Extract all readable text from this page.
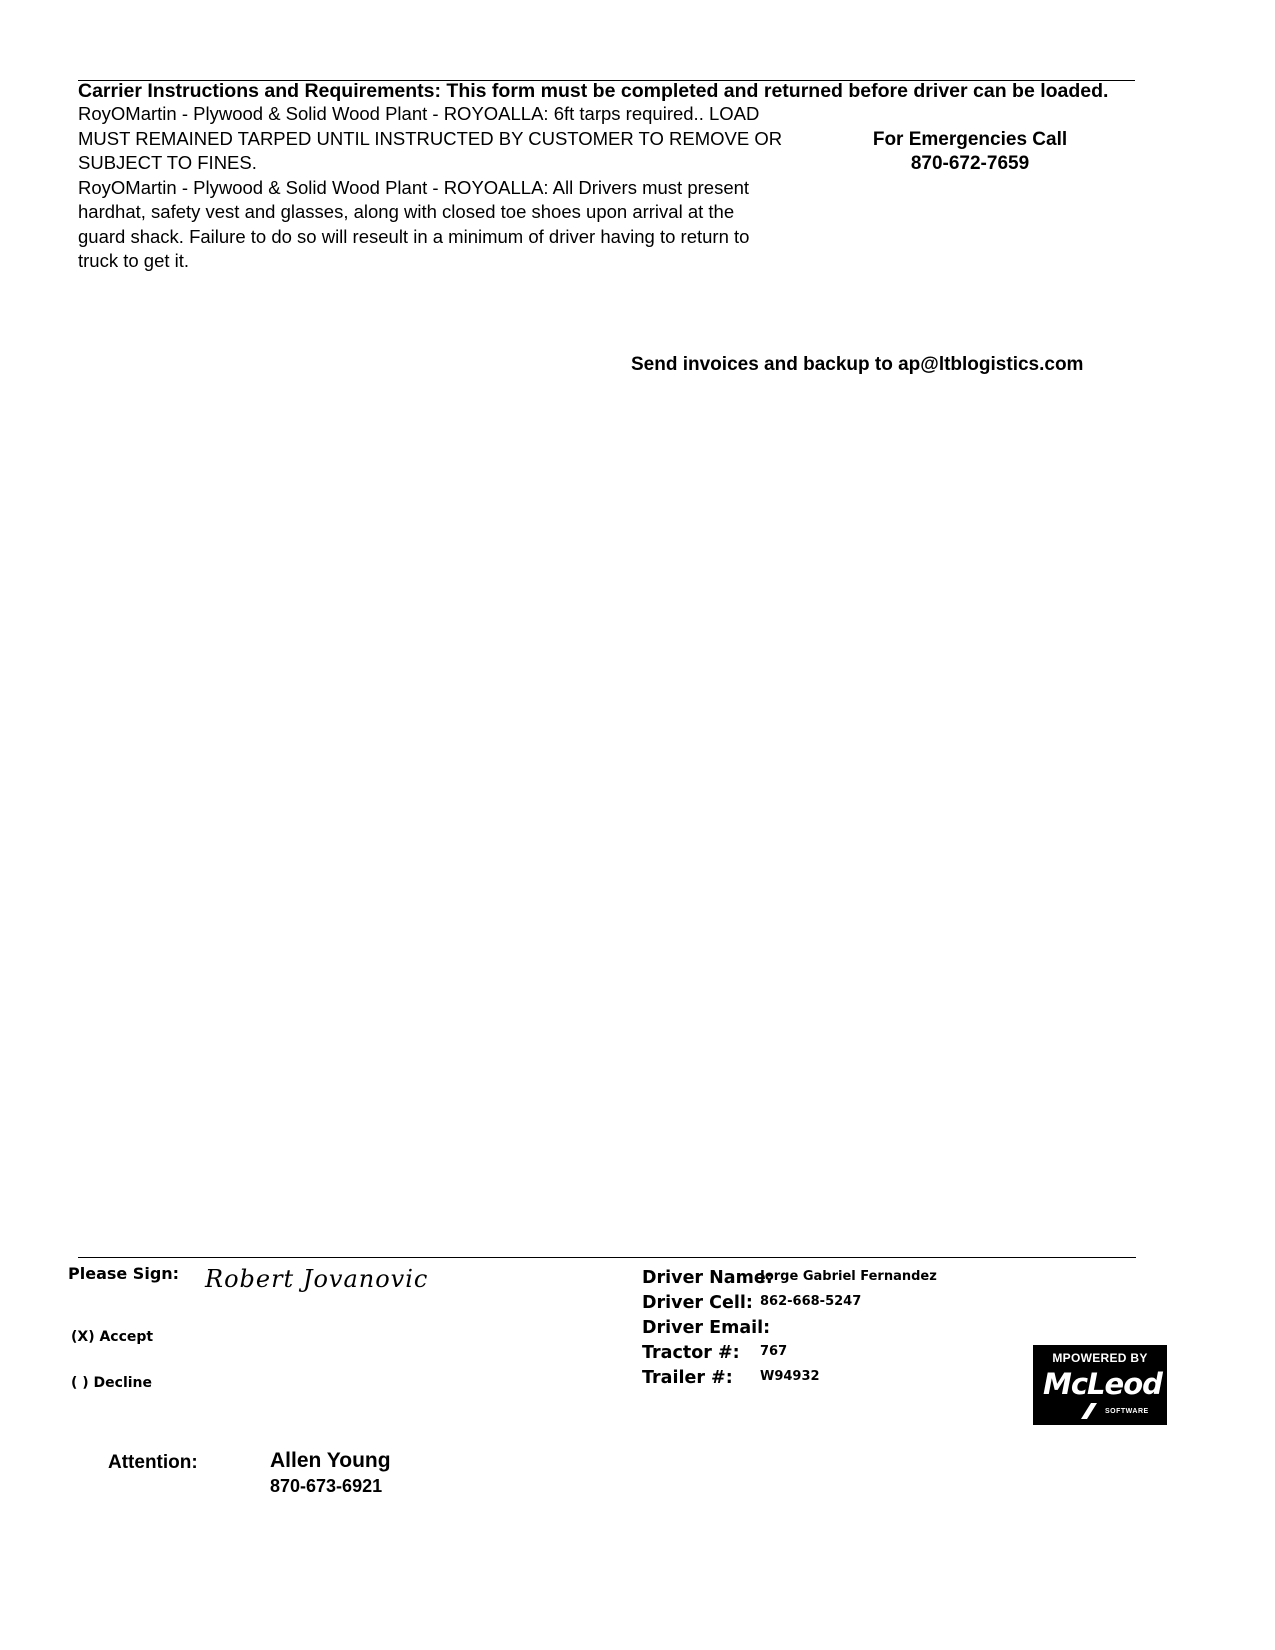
Carrier Instructions and Requirements: This form must be completed and returned before driver can be loaded.
RoyOMartin - Plywood & Solid Wood Plant - ROYOALLA: 6ft tarps required.. LOAD
MUST REMAINED TARPED UNTIL INSTRUCTED BY CUSTOMER TO REMOVE OR
SUBJECT TO FINES.
RoyOMartin - Plywood & Solid Wood Plant - ROYOALLA: All Drivers must present
hardhat, safety vest and glasses, along with closed toe shoes upon arrival at the
guard shack. Failure to do so will reseult in a minimum of driver having to return to
truck to get it.
For Emergencies Call
870-672-7659
Send invoices and backup to ap@ltblogistics.com
Please Sign: Robert Jovanovic
(X) Accept
( ) Decline
Driver Name:
Jorge Gabriel Fernandez
Driver Cell: 862-668-5247
Driver Email:
Tractor #: 767
Trailer #: W94932
MPOWERED BY
McLeod
SOFTWARE
Attention:	Allen Young
870-673-6921
